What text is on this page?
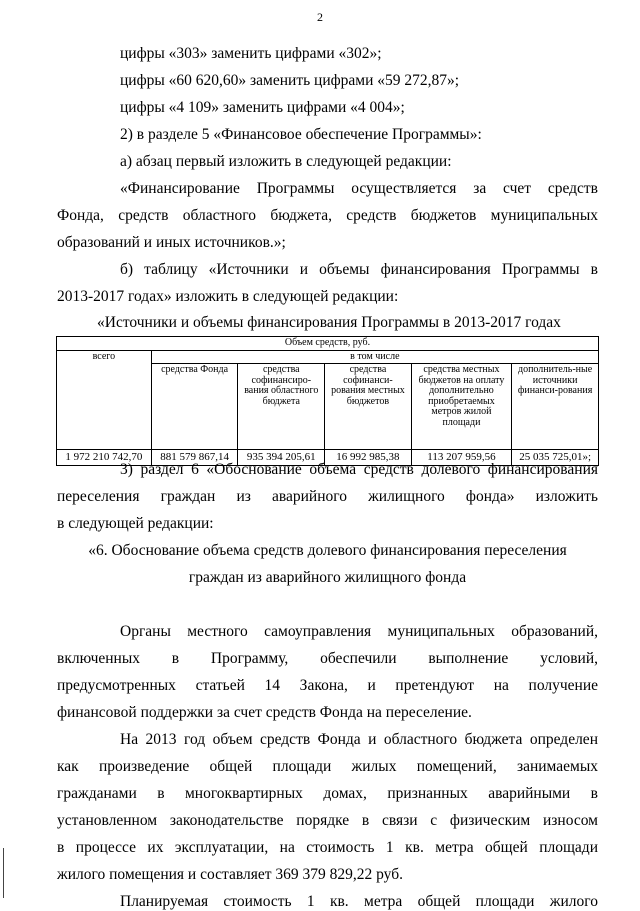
2
цифры «303» заменить цифрами «302»;
цифры «60 620,60» заменить цифрами «59 272,87»;
цифры «4 109» заменить цифрами «4 004»;
2) в разделе 5 «Финансовое обеспечение Программы»:
а) абзац первый изложить в следующей редакции:
«Финансирование Программы осуществляется за счет средств
Фонда, средств областного бюджета, средств бюджетов муниципальных
образований и иных источников.»;
б) таблицу «Источники и объемы финансирования Программы в
2013-2017 годах» изложить в следующей редакции:
«Источники и объемы финансирования Программы в 2013-2017 годах
Объем средств, руб.					
всего	в том числе				
	средства Фонда	средства софинансиро-вания областного бюджета	средства софинанси-рования местных бюджетов	средства местных бюджетов на оплату дополнительно приобретаемых метров жилой площади	дополнитель-ные источники финанси-рования
1 972 210 742,70	881 579 867,14	935 394 205,61	16 992 985,38	113 207 959,56	25 035 725,01»;
3) раздел 6 «Обоснование объема средств долевого финансирования
переселения граждан из аварийного жилищного фонда» изложить
в следующей редакции:
«6. Обоснование объема средств долевого финансирования переселения
граждан из аварийного жилищного фонда
Органы местного самоуправления муниципальных образований,
включенных в Программу, обеспечили выполнение условий,
предусмотренных статьей 14 Закона, и претендуют на получение
финансовой поддержки за счет средств Фонда на переселение.
На 2013 год объем средств Фонда и областного бюджета определен
как произведение общей площади жилых помещений, занимаемых
гражданами в многоквартирных домах, признанных аварийными в
установленном законодательстве порядке в связи с физическим износом
в процессе их эксплуатации, на стоимость 1 кв. метра общей площади
жилого помещения и составляет 369 379 829,22 руб.
Планируемая стоимость 1 кв. метра общей площади жилого
